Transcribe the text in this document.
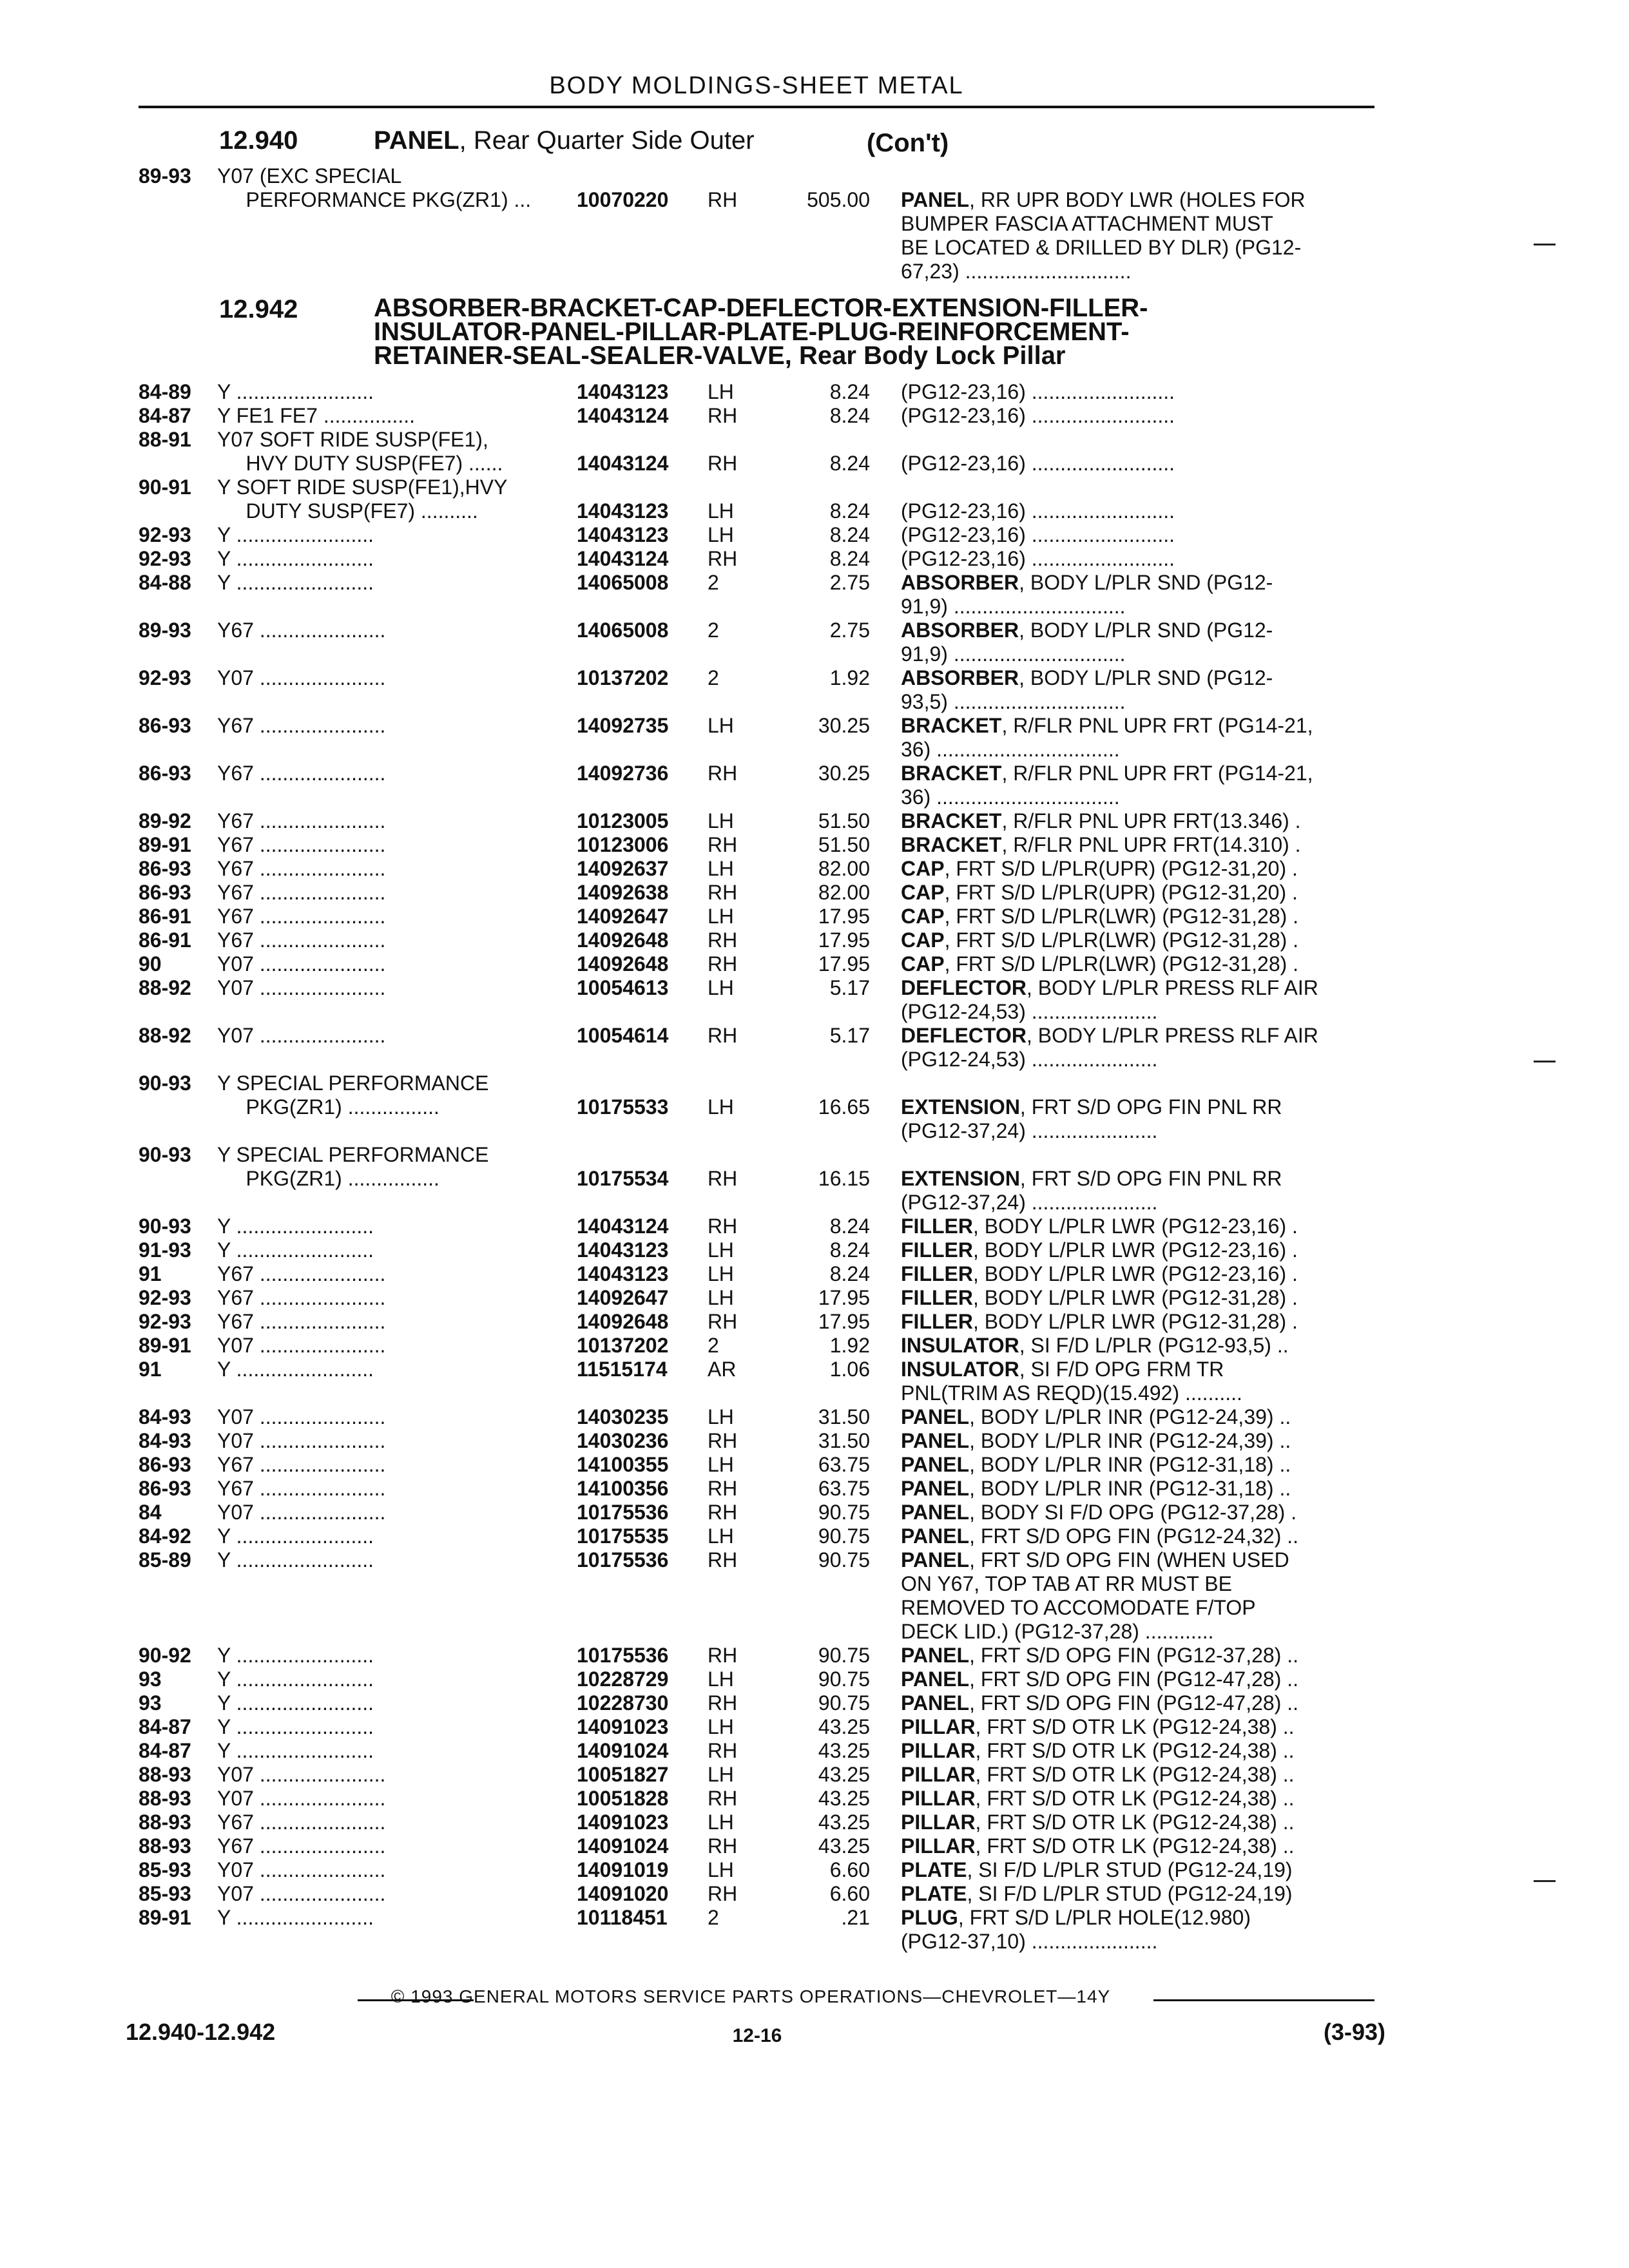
BODY MOLDINGS-SHEET METAL
12.940	PANEL, Rear Quarter Side Outer	(Con't)
12.942	ABSORBER-BRACKET-CAP-DEFLECTOR-EXTENSION-FILLER-
INSULATOR-PANEL-PILLAR-PLATE-PLUG-REINFORCEMENT-
RETAINER-SEAL-SEALER-VALVE, Rear Body Lock Pillar
89-93 Y07 (EXC SPECIAL
PERFORMANCE PKG(ZR1) ... 10070220 RH	505.00 PANEL, RR UPR BODY LWR (HOLES FOR
BUMPER FASCIA ATTACHMENT MUST
BE LOCATED & DRILLED BY DLR) (PG12-
67,23) .............................
84-89 Y ........................	14043123 LH	8.24 (PG12-23,16) .........................
84-87 Y FE1 FE7 ................	14043124 RH	8.24 (PG12-23,16) .........................
88-91 Y07 SOFT RIDE SUSP(FE1),
HVY DUTY SUSP(FE7) ......	14043124 RH	8.24 (PG12-23,16) .........................
90-91 Y SOFT RIDE SUSP(FE1),HVY
DUTY SUSP(FE7) ..........	14043123 LH	8.24 (PG12-23,16) .........................
92-93 Y ........................	14043123 LH	8.24 (PG12-23,16) .........................
92-93 Y ........................	14043124 RH	8.24 (PG12-23,16) .........................
84-88 Y ........................	14065008 2	2.75 ABSORBER, BODY L/PLR SND (PG12-
91,9) ..............................
89-93 Y67 ......................	14065008 2	2.75 ABSORBER, BODY L/PLR SND (PG12-
91,9) ..............................
92-93 Y07 ......................	10137202 2	1.92 ABSORBER, BODY L/PLR SND (PG12-
93,5) ..............................
86-93 Y67 ......................	14092735 LH	30.25 BRACKET, R/FLR PNL UPR FRT (PG14-21,
36) ................................
86-93 Y67 ......................	14092736 RH	30.25 BRACKET, R/FLR PNL UPR FRT (PG14-21,
36) ................................
89-92 Y67 ......................	10123005 LH	51.50 BRACKET, R/FLR PNL UPR FRT(13.346) .
89-91 Y67 ......................	10123006 RH	51.50 BRACKET, R/FLR PNL UPR FRT(14.310) .
86-93 Y67 ......................	14092637 LH	82.00 CAP, FRT S/D L/PLR(UPR) (PG12-31,20) .
86-93 Y67 ......................	14092638 RH	82.00 CAP, FRT S/D L/PLR(UPR) (PG12-31,20) .
86-91 Y67 ......................	14092647 LH	17.95 CAP, FRT S/D L/PLR(LWR) (PG12-31,28) .
86-91 Y67 ......................	14092648 RH	17.95 CAP, FRT S/D L/PLR(LWR) (PG12-31,28) .
90	Y07 ......................	14092648 RH	17.95 CAP, FRT S/D L/PLR(LWR) (PG12-31,28) .
88-92 Y07 ......................	10054613 LH	5.17 DEFLECTOR, BODY L/PLR PRESS RLF AIR
(PG12-24,53) ......................
88-92 Y07 ......................	10054614 RH	5.17 DEFLECTOR, BODY L/PLR PRESS RLF AIR
(PG12-24,53) ......................
90-93 Y SPECIAL PERFORMANCE
PKG(ZR1) ................	10175533 LH	16.65 EXTENSION, FRT S/D OPG FIN PNL RR
(PG12-37,24) ......................
90-93 Y SPECIAL PERFORMANCE
PKG(ZR1) ................	10175534 RH	16.15 EXTENSION, FRT S/D OPG FIN PNL RR
(PG12-37,24) ......................
90-93 Y ........................	14043124 RH	8.24 FILLER, BODY L/PLR LWR (PG12-23,16) .
91-93 Y ........................	14043123 LH	8.24 FILLER, BODY L/PLR LWR (PG12-23,16) .
91	Y67 ......................	14043123 LH	8.24 FILLER, BODY L/PLR LWR (PG12-23,16) .
92-93 Y67 ......................	14092647 LH	17.95 FILLER, BODY L/PLR LWR (PG12-31,28) .
92-93 Y67 ......................	14092648 RH	17.95 FILLER, BODY L/PLR LWR (PG12-31,28) .
89-91 Y07 ......................	10137202 2	1.92 INSULATOR, SI F/D L/PLR (PG12-93,5) ..
91	Y ........................	11515174 AR	1.06 INSULATOR, SI F/D OPG FRM TR
PNL(TRIM AS REQD)(15.492) ..........
84-93 Y07 ......................	14030235 LH	31.50 PANEL, BODY L/PLR INR (PG12-24,39) ..
84-93 Y07 ......................	14030236 RH	31.50 PANEL, BODY L/PLR INR (PG12-24,39) ..
86-93 Y67 ......................	14100355 LH	63.75 PANEL, BODY L/PLR INR (PG12-31,18) ..
86-93 Y67 ......................	14100356 RH	63.75 PANEL, BODY L/PLR INR (PG12-31,18) ..
84	Y07 ......................	10175536 RH	90.75 PANEL, BODY SI F/D OPG (PG12-37,28) .
84-92 Y ........................	10175535 LH	90.75 PANEL, FRT S/D OPG FIN (PG12-24,32) ..
85-89 Y ........................	10175536 RH	90.75 PANEL, FRT S/D OPG FIN (WHEN USED
ON Y67, TOP TAB AT RR MUST BE
REMOVED TO ACCOMODATE F/TOP
DECK LID.) (PG12-37,28) ............
90-92 Y ........................	10175536 RH	90.75 PANEL, FRT S/D OPG FIN (PG12-37,28) ..
93	Y ........................	10228729 LH	90.75 PANEL, FRT S/D OPG FIN (PG12-47,28) ..
93	Y ........................	10228730 RH	90.75 PANEL, FRT S/D OPG FIN (PG12-47,28) ..
84-87 Y ........................	14091023 LH	43.25 PILLAR, FRT S/D OTR LK (PG12-24,38) ..
84-87 Y ........................	14091024 RH	43.25 PILLAR, FRT S/D OTR LK (PG12-24,38) ..
88-93 Y07 ......................	10051827 LH	43.25 PILLAR, FRT S/D OTR LK (PG12-24,38) ..
88-93 Y07 ......................	10051828 RH	43.25 PILLAR, FRT S/D OTR LK (PG12-24,38) ..
88-93 Y67 ......................	14091023 LH	43.25 PILLAR, FRT S/D OTR LK (PG12-24,38) ..
88-93 Y67 ......................	14091024 RH	43.25 PILLAR, FRT S/D OTR LK (PG12-24,38) ..
85-93 Y07 ......................	14091019 LH	6.60 PLATE, SI F/D L/PLR STUD (PG12-24,19)
85-93 Y07 ......................	14091020 RH	6.60 PLATE, SI F/D L/PLR STUD (PG12-24,19)
89-91 Y ........................	10118451 2	.21 PLUG, FRT S/D L/PLR HOLE(12.980)
(PG12-37,10) ......................
© 1993 GENERAL MOTORS SERVICE PARTS OPERATIONS—CHEVROLET—14Y
12.940-12.942	12-16	(3-93)
